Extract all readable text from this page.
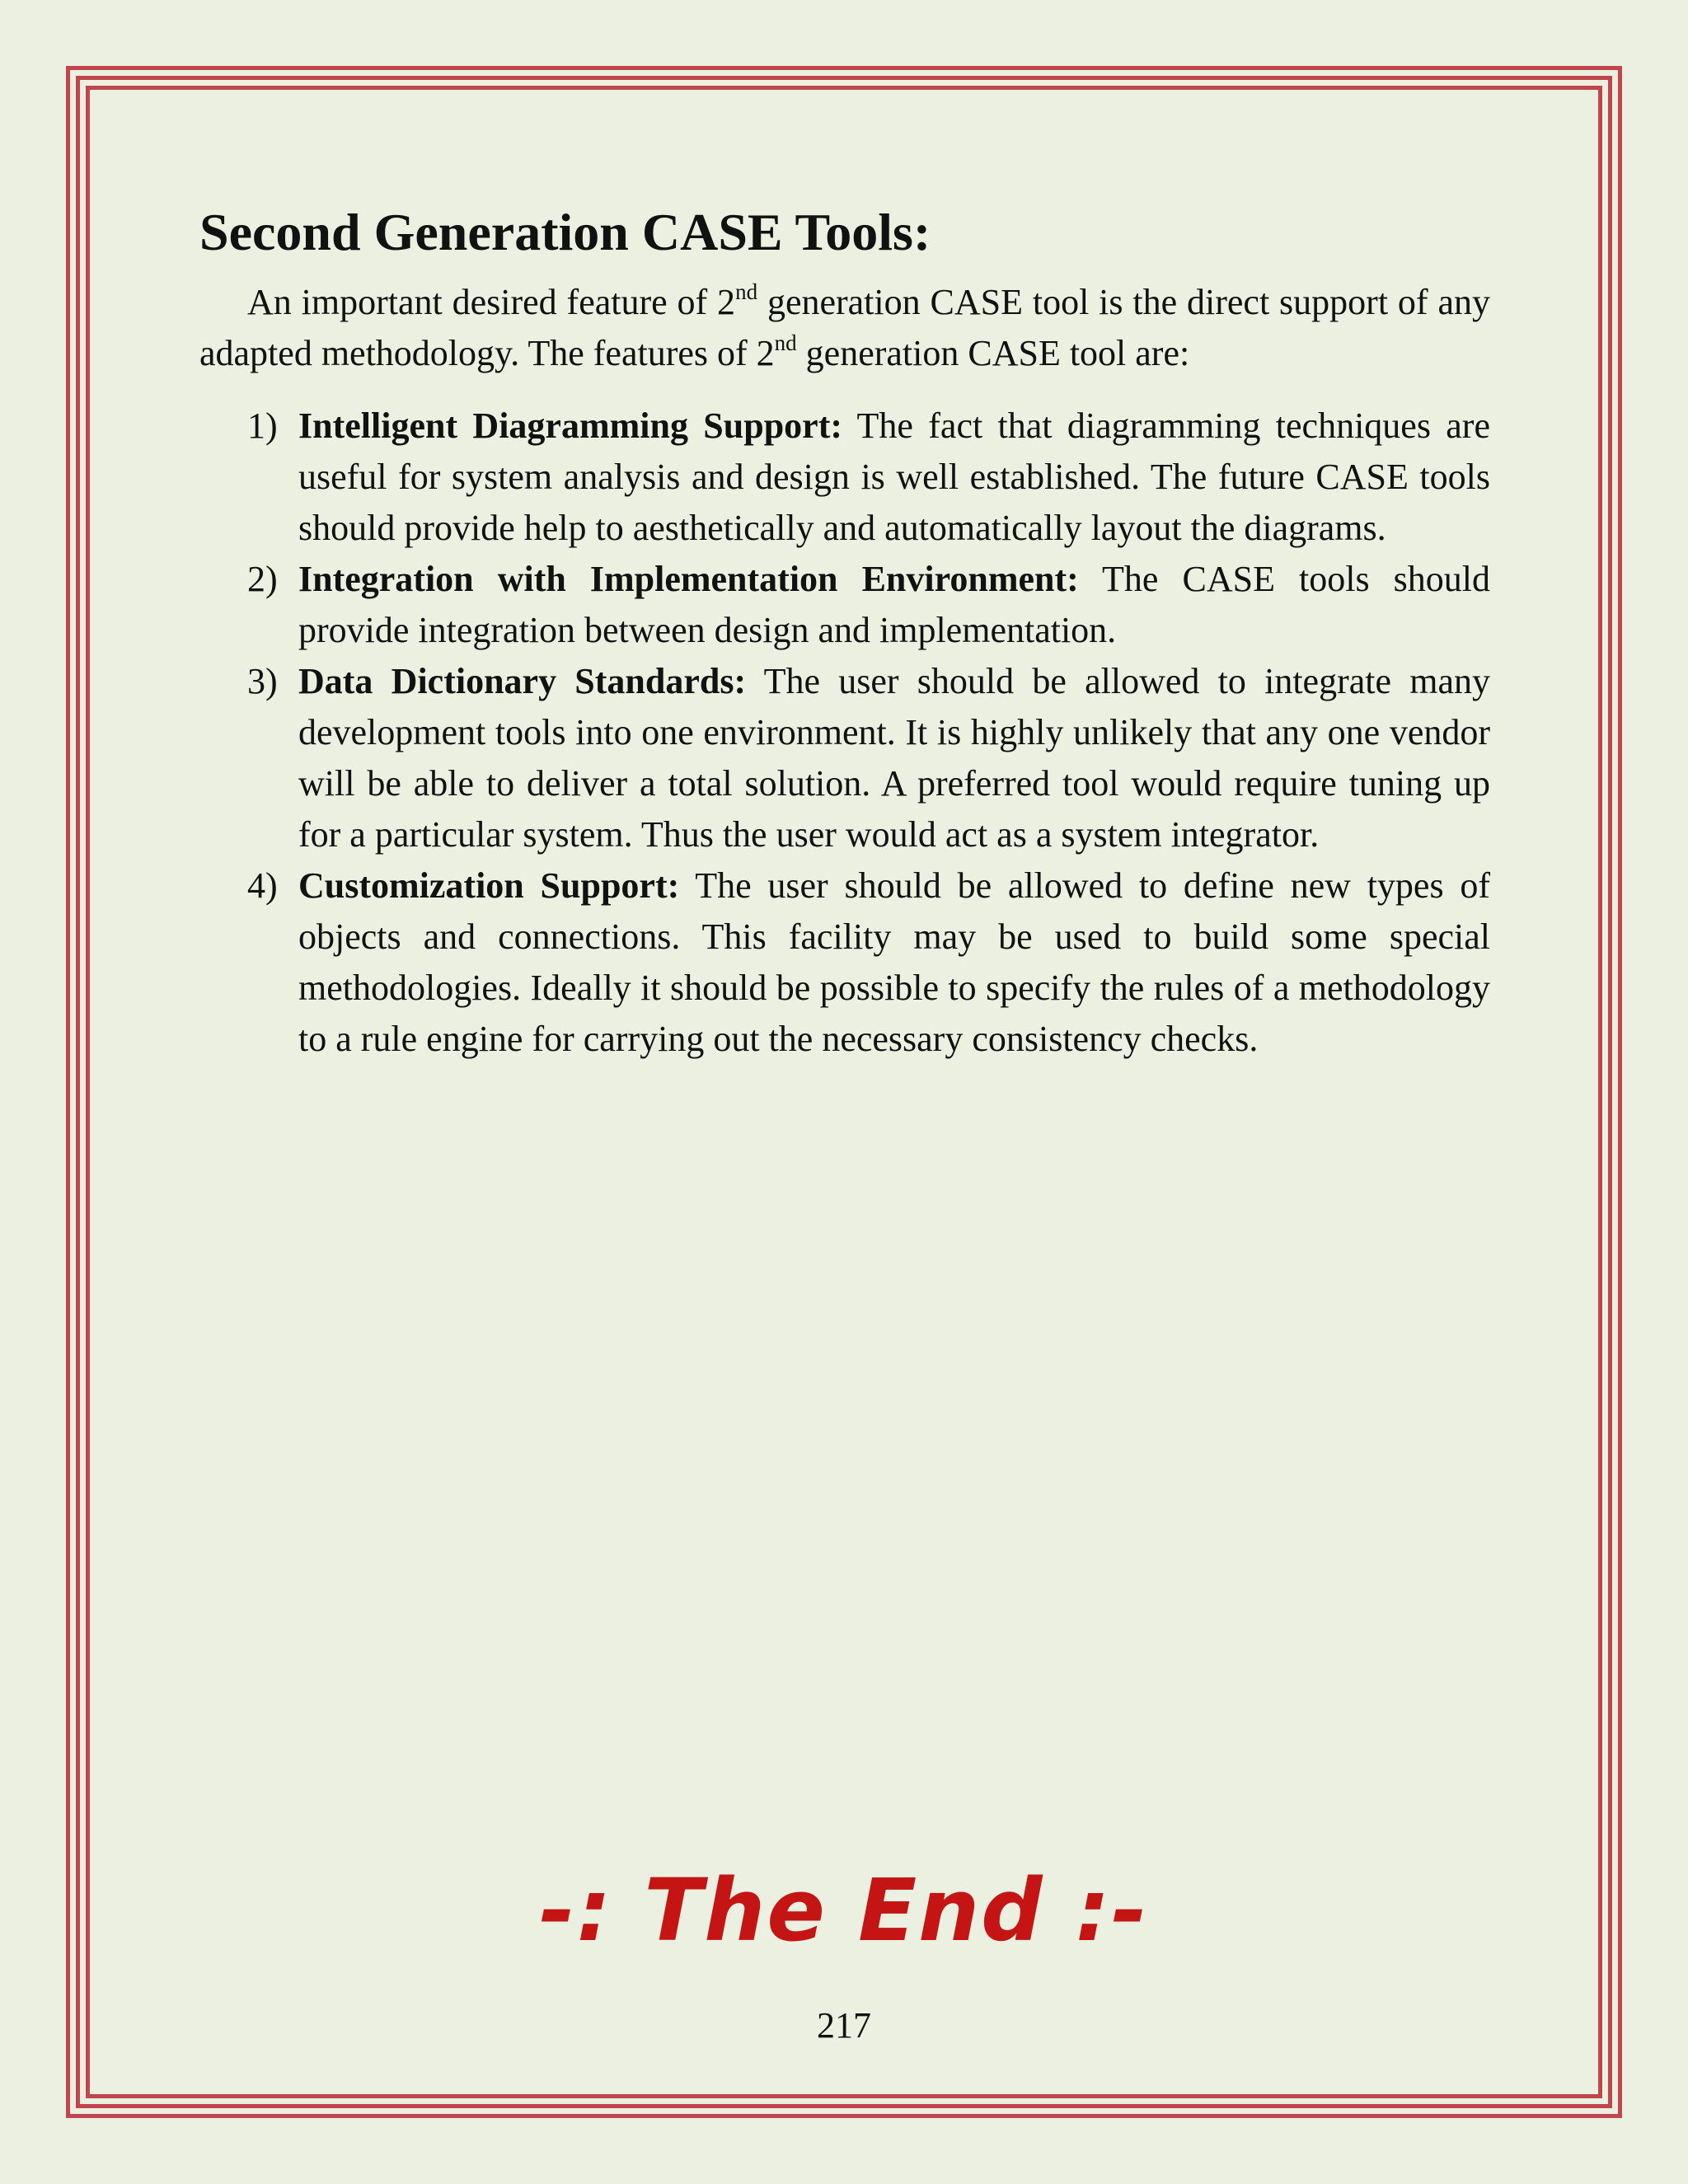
Second Generation CASE Tools:

An important desired feature of 2nd generation CASE tool is the direct support of any adapted methodology. The features of 2nd generation CASE tool are:

1) Intelligent Diagramming Support: The fact that diagramming techniques are useful for system analysis and design is well established. The future CASE tools should provide help to aesthetically and automatically layout the diagrams.
2) Integration with Implementation Environment: The CASE tools should provide integration between design and implementation.
3) Data Dictionary Standards: The user should be allowed to integrate many development tools into one environment. It is highly unlikely that any one vendor will be able to deliver a total solution. A preferred tool would require tuning up for a particular system. Thus the user would act as a system integrator.
4) Customization Support: The user should be allowed to define new types of objects and connections. This facility may be used to build some special methodologies. Ideally it should be possible to specify the rules of a methodology to a rule engine for carrying out the necessary consistency checks.
-: The End :-
217
